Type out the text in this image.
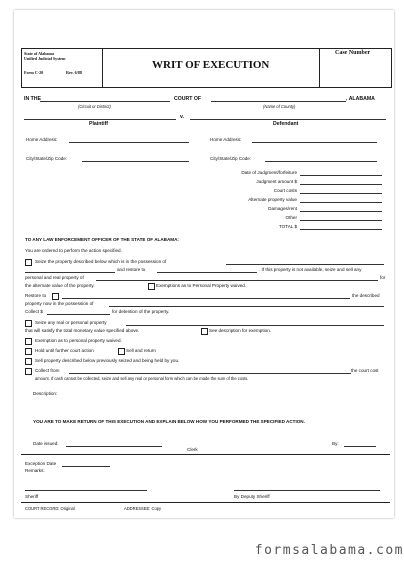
State of Alabama
Unified Judicial System
Form C-20	Rev. 6/88
WRIT OF EXECUTION
Case Number
IN THE	COURT OF	, ALABAMA
(Circuit or District)	(Name of County)
v.
Plaintiff	Defendant
Home Address:	Home Address:
City/State/Zip Code:	City/State/Zip Code:
Date of Judgment/forfeiture
Judgment amount $
Court costs
Alternate property value
Damages/rent
Other
TOTAL $
TO ANY LAW ENFORCEMENT OFFICER OF THE STATE OF ALABAMA:
You are ordered to perform the action specified.
Seize the property described below which is in the possession of
and restore to	. If this property is not available, seize and sell any
personal and real property of	for
the alternate value of the property.	Exemptions as to Personal Property waived.
Restore to	the described
property now in the possession of
Collect $	for detention of the property.
Seize any real or personal property
that will satisfy the total monetary value specified above.	See description for exemption.
Exemption as to personal property waived.
Hold until further court action	Sell and return
Sell property described below previously seized and being held by you.
Collect from	the court cost
amount. If cash cannot be collected, seize and sell any real or personal form which can be made the sum of the costs.
Description:
YOU ARE TO MAKE RETURN OF THIS EXECUTION AND EXPLAIN BELOW HOW YOU PERFORMED THE SPECIFIED ACTION.
Date issued:	By:
Clerk
Exception Date
Remarks:
Sheriff	By Deputy Sheriff
COURT RECORD: Original	ADDRESSEE: Copy
formsalabama.com
